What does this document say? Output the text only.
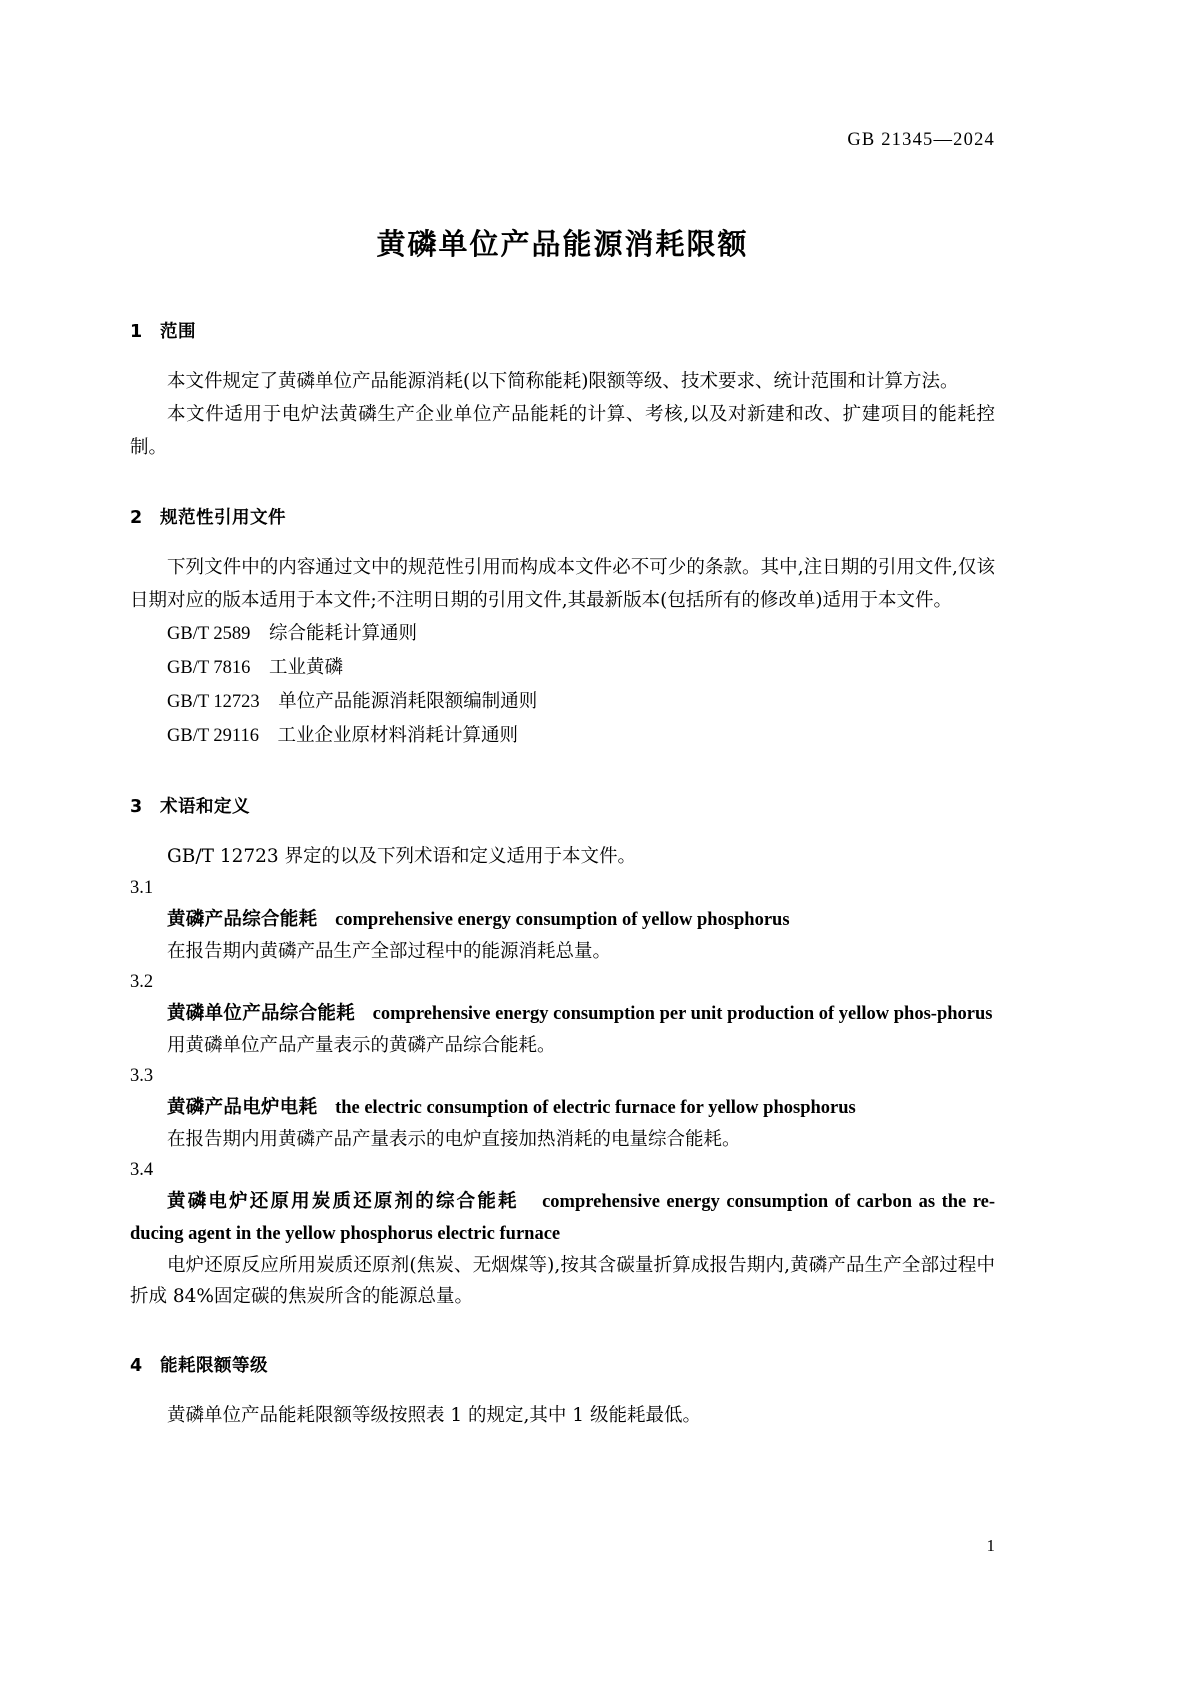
GB 21345—2024
黄磷单位产品能源消耗限额
1 范围
本文件规定了黄磷单位产品能源消耗(以下简称能耗)限额等级、技术要求、统计范围和计算方法。
本文件适用于电炉法黄磷生产企业单位产品能耗的计算、考核,以及对新建和改、扩建项目的能耗控制。
2 规范性引用文件
下列文件中的内容通过文中的规范性引用而构成本文件必不可少的条款。其中,注日期的引用文件,仅该日期对应的版本适用于本文件;不注明日期的引用文件,其最新版本(包括所有的修改单)适用于本文件。
GB/T 2589 综合能耗计算通则
GB/T 7816 工业黄磷
GB/T 12723 单位产品能源消耗限额编制通则
GB/T 29116 工业企业原材料消耗计算通则
3 术语和定义
GB/T 12723 界定的以及下列术语和定义适用于本文件。
3.1
黄磷产品综合能耗 comprehensive energy consumption of yellow phosphorus
在报告期内黄磷产品生产全部过程中的能源消耗总量。
3.2
黄磷单位产品综合能耗 comprehensive energy consumption per unit production of yellow phos-phorus
用黄磷单位产品产量表示的黄磷产品综合能耗。
3.3
黄磷产品电炉电耗 the electric consumption of electric furnace for yellow phosphorus
在报告期内用黄磷产品产量表示的电炉直接加热消耗的电量综合能耗。
3.4
黄磷电炉还原用炭质还原剂的综合能耗 comprehensive energy consumption of carbon as the re-ducing agent in the yellow phosphorus electric furnace
电炉还原反应所用炭质还原剂(焦炭、无烟煤等),按其含碳量折算成报告期内,黄磷产品生产全部过程中折成 84%固定碳的焦炭所含的能源总量。
4 能耗限额等级
黄磷单位产品能耗限额等级按照表 1 的规定,其中 1 级能耗最低。
1
